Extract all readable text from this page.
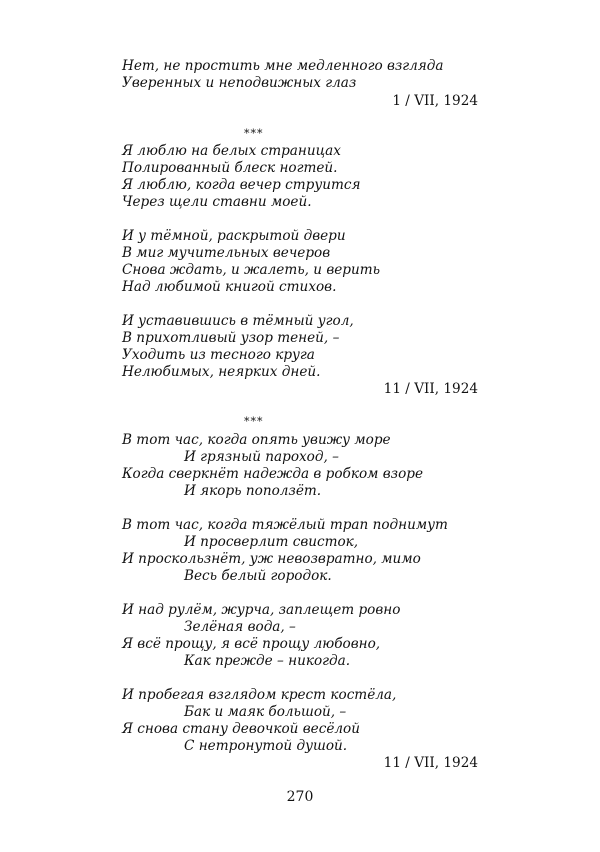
Нет, не простить мне медленного взгляда
Уверенных и неподвижных глаз
1 / VII, 1924
***
Я люблю на белых страницах
Полированный блеск ногтей.
Я люблю, когда вечер струится
Через щели ставни моей.
И у тёмной, раскрытой двери
В миг мучительных вечеров
Снова ждать, и жалеть, и верить
Над любимой книгой стихов.
И уставившись в тёмный угол,
В прихотливый узор теней, –
Уходить из тесного круга
Нелюбимых, неярких дней.
11 / VII, 1924
***
В тот час, когда опять увижу море
И грязный пароход, –
Когда сверкнёт надежда в робком взоре
И якорь поползёт.
В тот час, когда тяжёлый трап поднимут
И просверлит свисток,
И проскользнёт, уж невозвратно, мимо
Весь белый городок.
И над рулём, журча, заплещет ровно
Зелёная вода, –
Я всё прощу, я всё прощу любовно,
Как прежде – никогда.
И пробегая взглядом крест костёла,
Бак и маяк большой, –
Я снова стану девочкой весёлой
С нетронутой душой.
11 / VII, 1924
270
